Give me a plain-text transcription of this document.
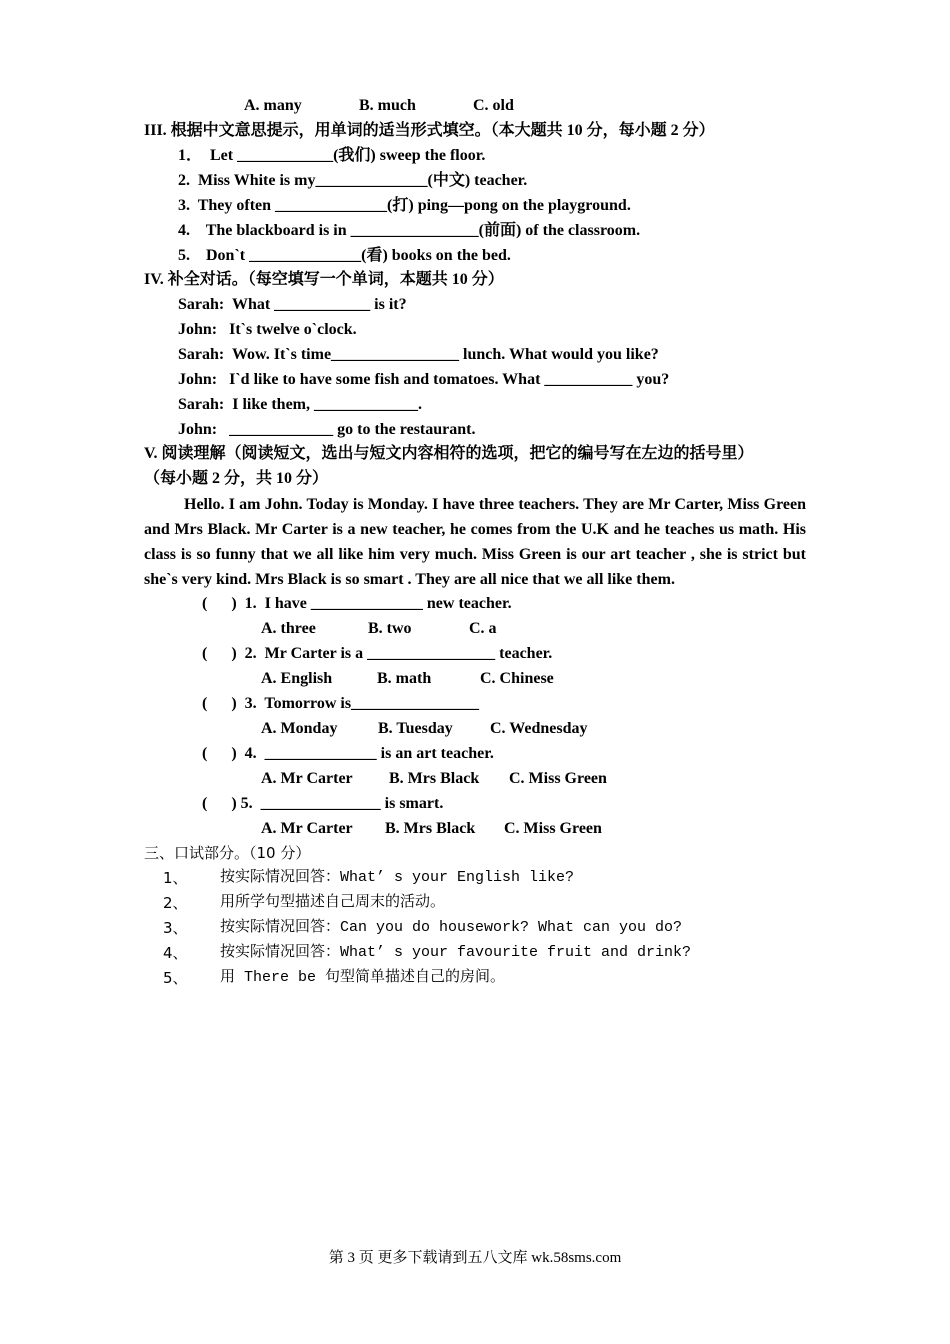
A. many	B. much	C. old
III. 根据中文意思提示，用单词的适当形式填空。（本大题共 10 分，每小题 2 分）
1．  Let ____________(我们) sweep the floor.
2.  Miss White is my______________(中文) teacher.
3.  They often ______________(打) ping—pong on the playground.
4.    The blackboard is in ________________(前面) of the classroom.
5.    Don`t ______________(看) books on the bed.
IV. 补全对话。（每空填写一个单词，本题共 10 分）
Sarah:  What ____________ is it?
John:   It`s twelve o`clock.
Sarah:  Wow. It`s time________________ lunch. What would you like?
John:   I`d like to have some fish and tomatoes. What ___________ you?
Sarah:  I like them, _____________.
John:   _____________ go to the restaurant.
V. 阅读理解（阅读短文，选出与短文内容相符的选项，把它的编号写在左边的括号里）
（每小题 2 分，共 10 分）
Hello. I am John. Today is Monday. I have three teachers. They are Mr Carter, Miss Green and Mrs Black. Mr Carter is a new teacher, he comes from the U.K and he teaches us math. His class is so funny that we all like him very much. Miss Green is our art teacher , she is strict but she`s very kind. Mrs Black is so smart . They are all nice that we all like them.
(      )  1.  I have ______________ new teacher.
A. three	B. two	C. a
(      )  2.  Mr Carter is a ________________ teacher.
A. English	B. math	C. Chinese
(      )  3.  Tomorrow is________________
A. Monday	B. Tuesday C. Wednesday
(      )  4.  ______________ is an art teacher.
A. Mr Carter B. Mrs Black C. Miss Green
(      ) 5.  _______________ is smart.
A. Mr Carter B. Mrs Black C. Miss Green
三、口试部分。（10 分）
1、 按实际情况回答：What’ s your English like?
2、 用所学句型描述自己周末的活动。
3、 按实际情况回答：Can you do housework? What can you do?
4、 按实际情况回答：What’ s your favourite fruit and drink?
5、 用 There be 句型简单描述自己的房间。
第 3 页 更多下载请到五八文库 wk.58sms.com
